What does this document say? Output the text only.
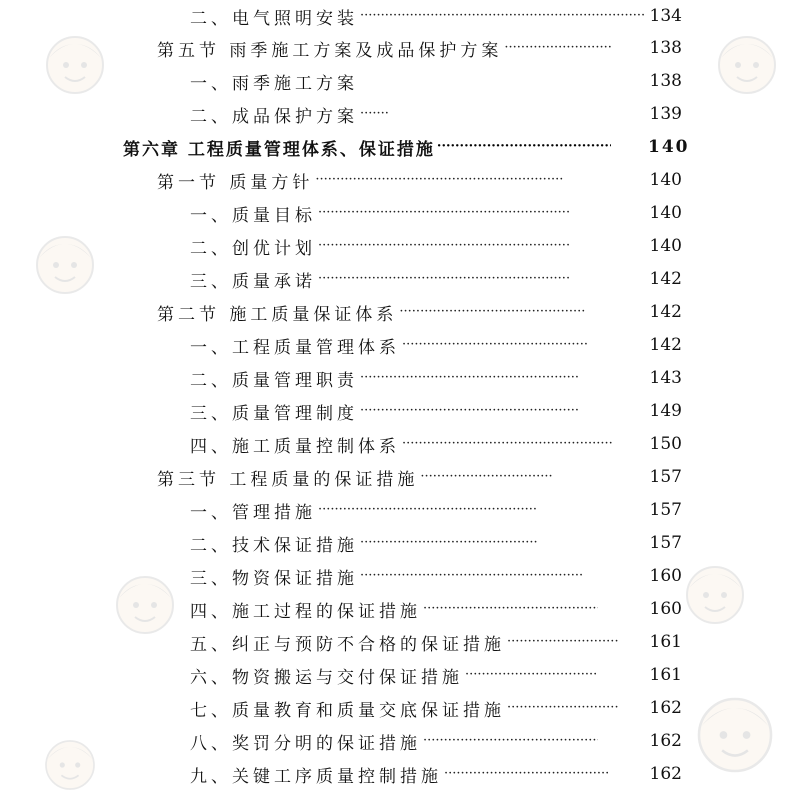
二、电气照明安装 ·····	134
第五节 雨季施工方案及成品保护方案 ·····	138
一、雨季施工方案	138
二、成品保护方案 ·····	139
第六章 工程质量管理体系、保证措施 ·····	140
第一节 质量方针 ·····	140
一、质量目标 ·····	140
二、创优计划 ·····	140
三、质量承诺 ·····	142
第二节 施工质量保证体系 ·····	142
一、工程质量管理体系 ·····	142
二、质量管理职责 ·····	143
三、质量管理制度 ·····	149
四、施工质量控制体系 ·····	150
第三节 工程质量的保证措施 ·····	157
一、管理措施 ·····	157
二、技术保证措施 ·····	157
三、物资保证措施 ·····	160
四、施工过程的保证措施 ·····	160
五、纠正与预防不合格的保证措施 ·····	161
六、物资搬运与交付保证措施 ·····	161
七、质量教育和质量交底保证措施 ·····	162
八、奖罚分明的保证措施 ·····	162
九、关键工序质量控制措施 ·····	162
